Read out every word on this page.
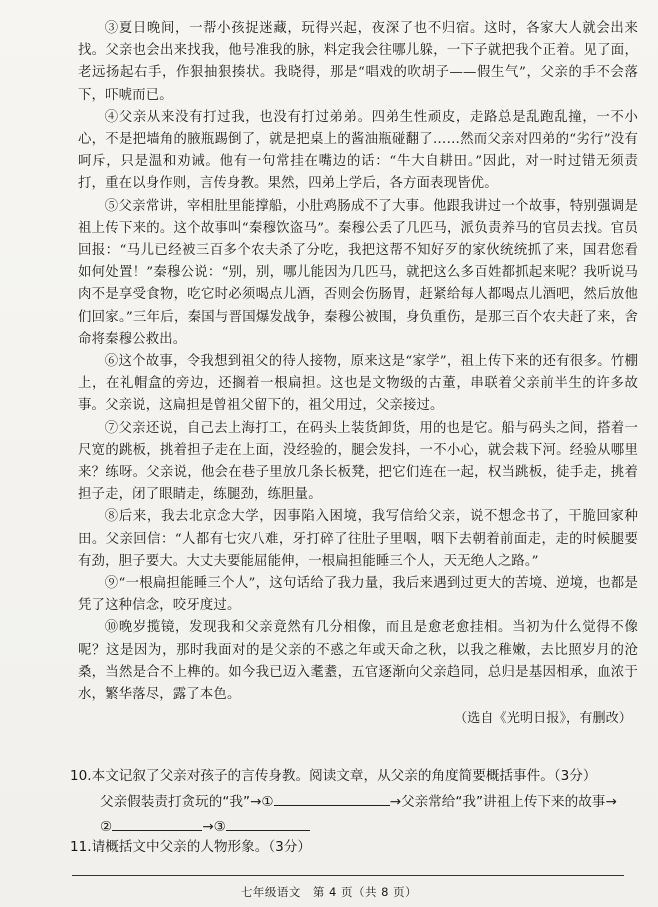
③夏日晚间，一帮小孩捉迷藏，玩得兴起，夜深了也不归宿。这时，各家大人就会出来找。父亲也会出来找我，他号准我的脉，料定我会往哪儿躲，一下子就把我个正着。见了面，老远扬起右手，作狠抽狠揍状。我晓得，那是“唱戏的吹胡子——假生气”，父亲的手不会落下，吓唬而已。

④父亲从来没有打过我，也没有打过弟弟。四弟生性顽皮，走路总是乱跑乱撞，一不小心，不是把墙角的腋瓶踢倒了，就是把桌上的酱油瓶碰翻了……然而父亲对四弟的“劣行”没有呵斥，只是温和劝诫。他有一句常挂在嘴边的话：“牛大自耕田。”因此，对一时过错无须责打，重在以身作则，言传身教。果然，四弟上学后，各方面表现皆优。

⑤父亲常讲，宰相肚里能撑船，小肚鸡肠成不了大事。他跟我讲过一个故事，特别强调是祖上传下来的。这个故事叫“秦穆饮盗马”。秦穆公丢了几匹马，派负责养马的官员去找。官员回报：“马儿已经被三百多个农夫杀了分吃，我把这帮不知好歹的家伙统统抓了来，国君您看如何处置！”秦穆公说：“别，别，哪儿能因为几匹马，就把这么多百姓都抓起来呢？我听说马肉不是享受食物，吃它时必须喝点儿酒，否则会伤肠胃，赶紧给每人都喝点儿酒吧，然后放他们回家。”三年后，秦国与晋国爆发战争，秦穆公被围，身负重伤，是那三百个农夫赶了来，舍命将秦穆公救出。

⑥这个故事，令我想到祖父的待人接物，原来这是“家学”，祖上传下来的还有很多。竹棚上，在礼帽盒的旁边，还搁着一根扁担。这也是文物级的古董，串联着父亲前半生的许多故事。父亲说，这扁担是曾祖父留下的，祖父用过，父亲接过。

⑦父亲还说，自己去上海打工，在码头上装货卸货，用的也是它。船与码头之间，搭着一尺宽的跳板，挑着担子走在上面，没经验的，腿会发抖，一不小心，就会栽下河。经验从哪里来？练呀。父亲说，他会在巷子里放几条长板凳，把它们连在一起，权当跳板，徒手走，挑着担子走，闭了眼睛走，练腿劲，练胆量。

⑧后来，我去北京念大学，因事陷入困境，我写信给父亲，说不想念书了，干脆回家种田。父亲回信：“人都有七灾八难，牙打碎了往肚子里咽，咽下去朝着前面走，走的时候腿要有劲，胆子要大。大丈夫要能屈能伸，一根扁担能睡三个人，天无绝人之路。”

⑨“一根扁担能睡三个人”，这句话给了我力量，我后来遇到过更大的苦境、逆境，也都是凭了这种信念，咬牙度过。

⑩晚岁揽镜，发现我和父亲竟然有几分相像，而且是愈老愈挂相。当初为什么觉得不像呢？这是因为，那时我面对的是父亲的不惑之年或天命之秋，以我之稚嫩，去比照岁月的沧桑，当然是合不上榫的。如今我已迈入耄耋，五官逐渐向父亲趋同，总归是基因相承，血浓于水，繁华落尽，露了本色。

（选自《光明日报》，有删改）

10.本文记叙了父亲对孩子的言传身教。阅读文章，从父亲的角度简要概括事件。（3分）

父亲假装责打贪玩的“我”→①	→父亲常给“我”讲祖上传下来的故事→

②	→③

11.请概括文中父亲的人物形象。（3分）

七年级语文　第 4 页（共 8 页）
